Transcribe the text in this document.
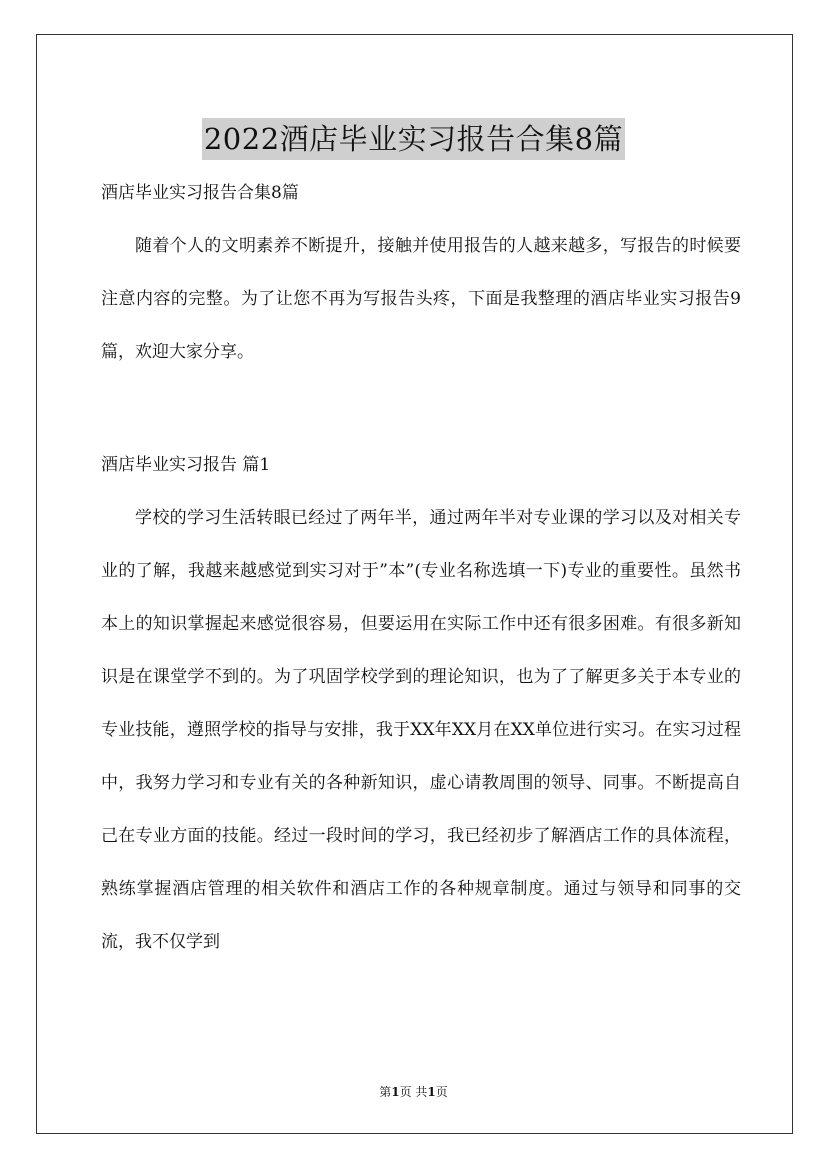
2022酒店毕业实习报告合集8篇
酒店毕业实习报告合集8篇

随着个人的文明素养不断提升，接触并使用报告的人越来越多，写报告的时候要注意内容的完整。为了让您不再为写报告头疼，下面是我整理的酒店毕业实习报告9篇，欢迎大家分享。

酒店毕业实习报告 篇1

学校的学习生活转眼已经过了两年半，通过两年半对专业课的学习以及对相关专业的了解，我越来越感觉到实习对于”本”(专业名称选填一下)专业的重要性。虽然书本上的知识掌握起来感觉很容易，但要运用在实际工作中还有很多困难。有很多新知识是在课堂学不到的。为了巩固学校学到的理论知识，也为了了解更多关于本专业的专业技能，遵照学校的指导与安排，我于XX年XX月在XX单位进行实习。在实习过程中，我努力学习和专业有关的各种新知识，虚心请教周围的领导、同事。不断提高自己在专业方面的技能。经过一段时间的学习，我已经初步了解酒店工作的具体流程，熟练掌握酒店管理的相关软件和酒店工作的各种规章制度。通过与领导和同事的交流，我不仅学到

第1页 共1页
